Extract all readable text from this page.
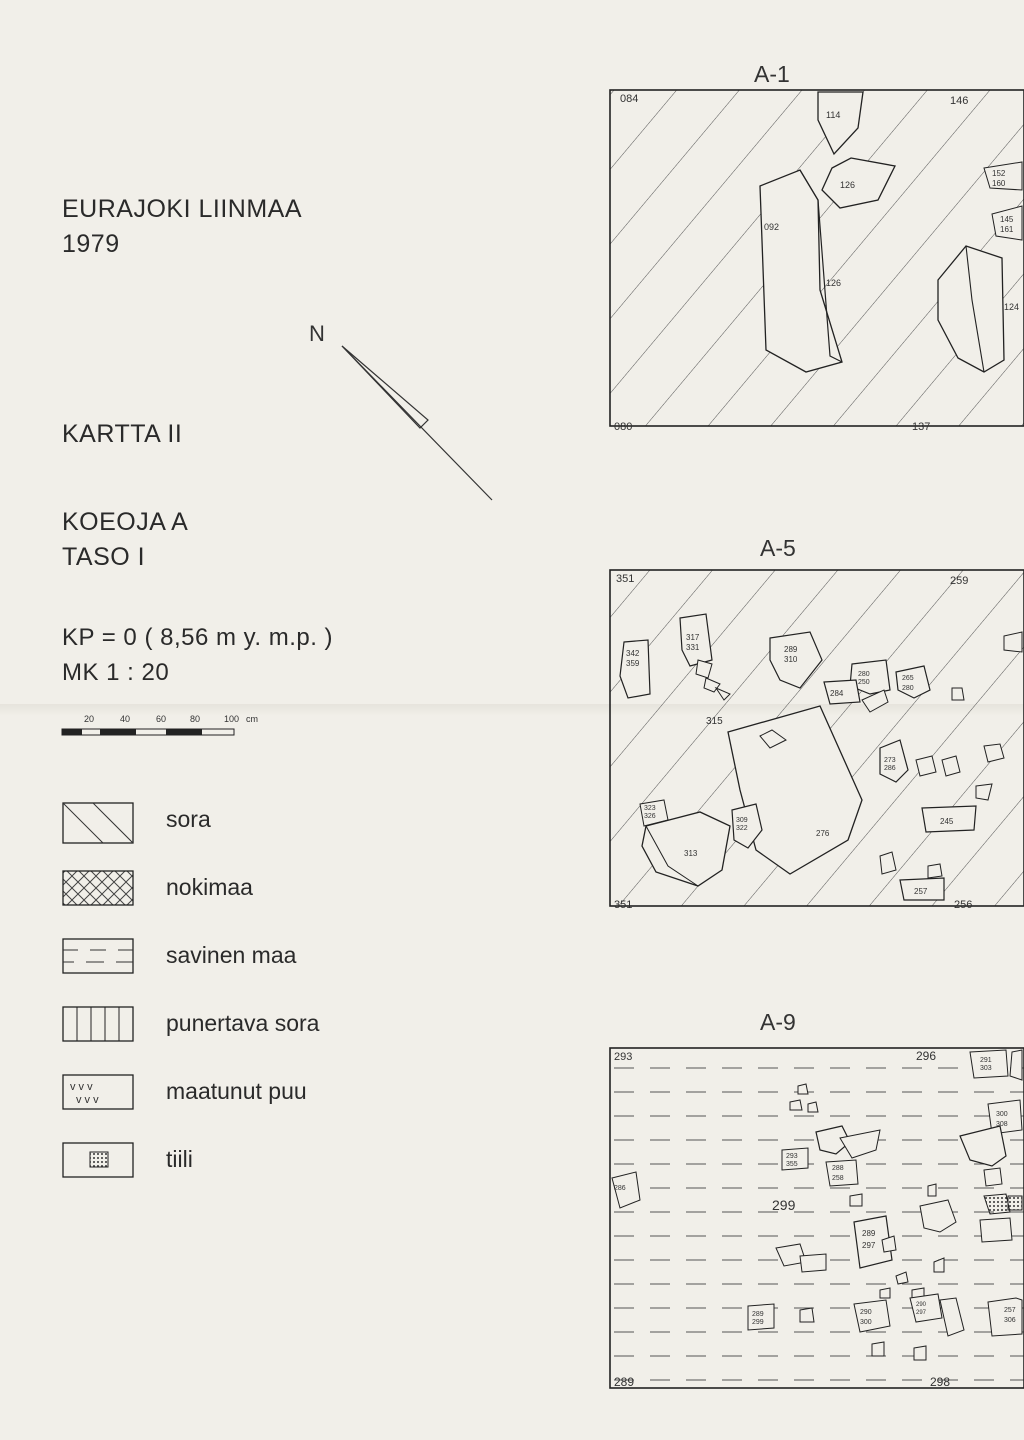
EURAJOKI LIINMAA
1979
KARTTA II
KOEOJA A
TASO I
KP = 0 ( 8,56 m y. m.p. )
MK 1 : 20
sora
nokimaa
savinen maa
punertava sora
maatunut puu
tiili
N
20	40	60	80	100 cm
v v v
v v v
A-1
084	146
080	137
114
126
092
126
124
152
160
145
161
A-5
351	259
351	256
317
331
342
359
289
310
280
250
284
265
280
315
273
286
323
326
309
322
313
276
245
257
A-9
299
293	296
289	298
291
303
300
308
293
355
288
258
286
289
297
289
299
290
300
290
297	257
306
